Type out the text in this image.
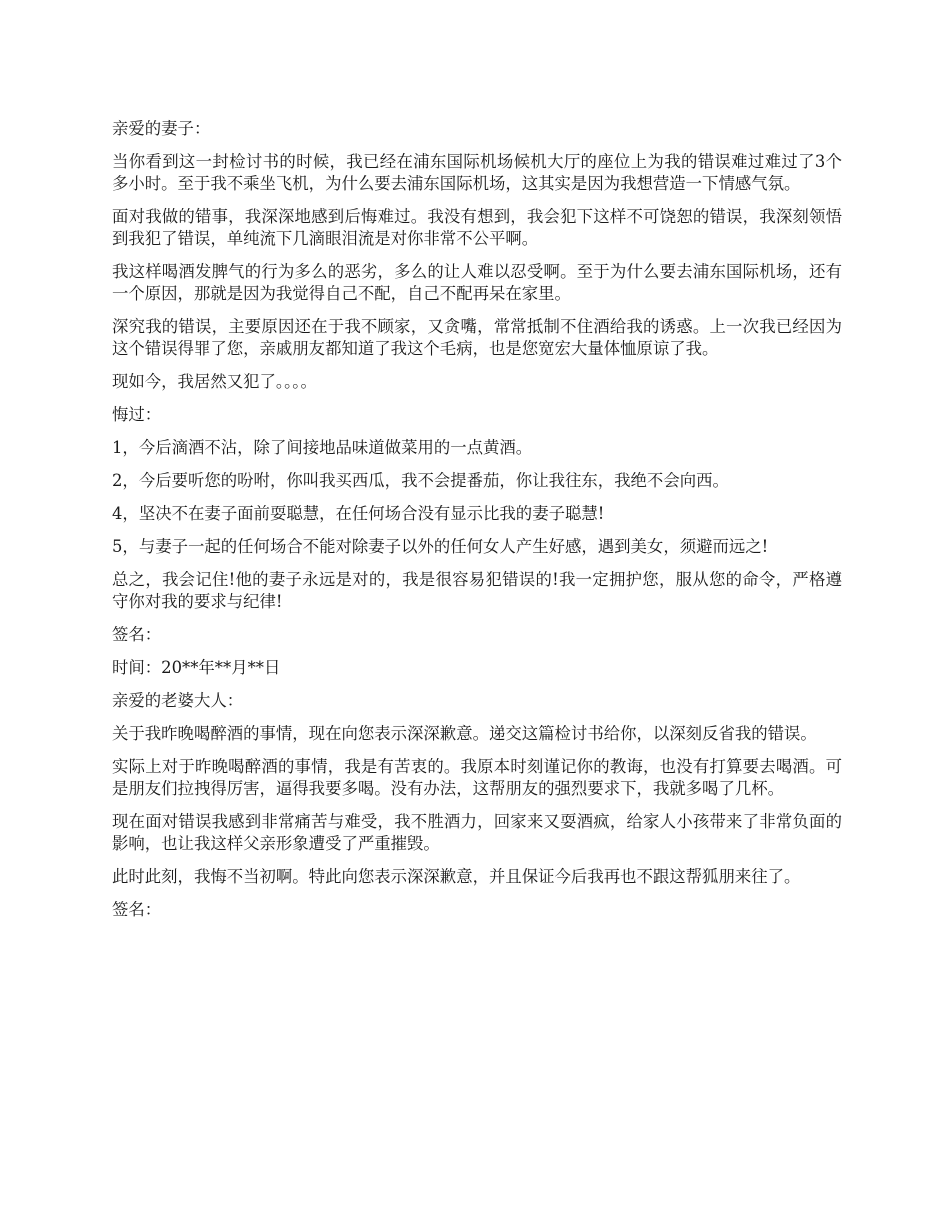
亲爱的妻子：

当你看到这一封检讨书的时候，我已经在浦东国际机场候机大厅的座位上为我的错误难过难过了3个多小时。至于我不乘坐飞机，为什么要去浦东国际机场，这其实是因为我想营造一下情感气氛。

面对我做的错事，我深深地感到后悔难过。我没有想到，我会犯下这样不可饶恕的错误，我深刻领悟到我犯了错误，单纯流下几滴眼泪流是对你非常不公平啊。

我这样喝酒发脾气的行为多么的恶劣，多么的让人难以忍受啊。至于为什么要去浦东国际机场，还有一个原因，那就是因为我觉得自己不配，自己不配再呆在家里。

深究我的错误，主要原因还在于我不顾家，又贪嘴，常常抵制不住酒给我的诱惑。上一次我已经因为这个错误得罪了您，亲戚朋友都知道了我这个毛病，也是您宽宏大量体恤原谅了我。

现如今，我居然又犯了。。。。

悔过：

1，今后滴酒不沾，除了间接地品味道做菜用的一点黄酒。

2，今后要听您的吩咐，你叫我买西瓜，我不会提番茄，你让我往东，我绝不会向西。

4，坚决不在妻子面前耍聪慧，在任何场合没有显示比我的妻子聪慧!

5，与妻子一起的任何场合不能对除妻子以外的任何女人产生好感，遇到美女，须避而远之!

总之，我会记住!他的妻子永远是对的，我是很容易犯错误的!我一定拥护您，服从您的命令，严格遵守你对我的要求与纪律!

签名：

时间：20**年**月**日

亲爱的老婆大人：

关于我昨晚喝醉酒的事情，现在向您表示深深歉意。递交这篇检讨书给你，以深刻反省我的错误。

实际上对于昨晚喝醉酒的事情，我是有苦衷的。我原本时刻谨记你的教诲，也没有打算要去喝酒。可是朋友们拉拽得厉害，逼得我要多喝。没有办法，这帮朋友的强烈要求下，我就多喝了几杯。

现在面对错误我感到非常痛苦与难受，我不胜酒力，回家来又耍酒疯，给家人小孩带来了非常负面的影响，也让我这样父亲形象遭受了严重摧毁。

此时此刻，我悔不当初啊。特此向您表示深深歉意，并且保证今后我再也不跟这帮狐朋来往了。

签名：
